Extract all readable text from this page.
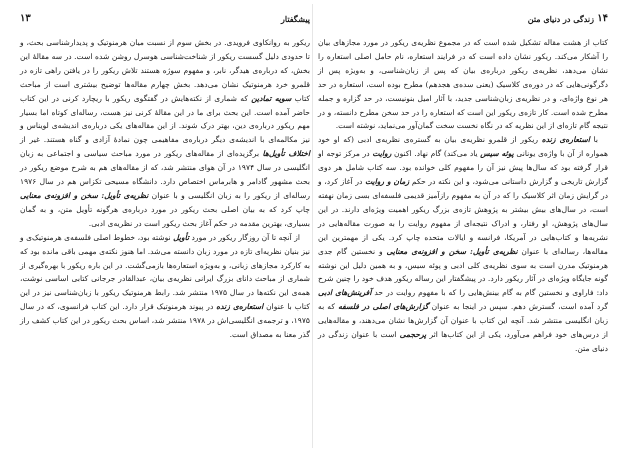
پیشگفتار
۱۳

ریکور به روانکاوی فرویدی. در بخش سوم از نسبت میان هرمنوتیک و پدیدارشناسی بحث، و تا حدودی دلیل گسست ریکور از شناخت‌شناسی هوسرل روشن شده است. در سه مقالهٔ این بخش، که درباره‌ی هیدگر، نابر، و مفهوم سوژه هستند تلاش ریکور را در یافتن راهی تازه در قلمرو خرد هرمنوتیک نشان می‌دهد. بخش چهارم مقاله‌ها توضیح بیشتری است از مباحث کتاب سویه تمادین که شماری از نکته‌هایش در گفتگوی ریکور با ریچارد کرنی در این کتاب حاضر آمده است. این بحث برای ما در این مقالهٔ کرنی نیز هست، رساله‌ای کوتاه اما بسیار مهم ریکور درباره‌ی دین، بهتر درک شوند. از این مقاله‌های یکی درباره‌ی اندیشه‌ی لویناس و نیز مکالمه‌ای با اندیشه‌ی دیگر درباره‌ی مفاهیمی چون نمادهٔ آزادی و گناه هستند. غیر از اختلاف تأویل‌ها برگزیده‌ای از مقاله‌های ریکور در مورد مباحث سیاسی و اجتماعی به زبان انگلیسی در سال ۱۹۷۴ در آن هوای منتشر شد، که از مقاله‌های هم به شرح موضع ریکور در بحث مشهور گادامر و هابرماس اختصاص دارد. دانشگاه مسیحی تکزاس هم در سال ۱۹۷۶ رساله‌ای از ریکور را به زبان انگلیسی و با عنوان نظریه‌ی تأویل: سخن و افزونه‌ی معنایی چاپ کرد که به بیان اصلی بحث ریکور در مورد درباره‌ی هرگونه تأویل متن، و به گمان بسیاری، بهترین مقدمه در حکم آغاز بحث ریکور است در نظریه‌ی ادبی.

از آنچه تا آن روزگار ریکور در مورد تأویل نوشته بود، خطوط اصلی فلسفه‌ی هرمنوتیک‌ی و نیز بنیان نظریه‌ای تازه در مورد زبان دانسته می‌شد. اما هنوز نکته‌ی مهمی باقی مانده بود که به کارکرد مجازهای زبانی، و به‌ویژه استعاره‌ها بازمی‌گشت. در این باره ریکور با بهره‌گیری از شماری از مباحث دانای بزرگ ایرانی نظریه‌ی بیان، عبدالقادر جرجانی کتابی اساسی نوشت، همه‌ی این نکته‌ها در سال ۱۹۷۵ منتشر شد. رابط هرمنوتیک ریکور با زبان‌شناسی نیز در این کتاب با عنوان استعاره‌ی زنده در پیوند هرمنوتیک قرار دارد. این کتاب فرانسوی، که در سال ۱۹۷۵، و ترجمه‌ی انگلیسی‌اش در ۱۹۷۸ منتشر شد، اساس بحث ریکور در این کتاب کشف راز گذر معنا به مصداق است.

۱۴
زندگی در دنیای متن

کتاب از هشت مقاله تشکیل شده است که در مجموع نظریه‌ی ریکور در مورد مجازهای بیان را آشکار می‌کند. ریکور نشان داده است که در فرایند استعاره، نام حامل اصلی استعاره را نشان می‌دهد، نظریه‌ی ریکور درباره‌ی بیان که پس از زبان‌شناسی، و به‌ویژه پس از دگرگونی‌هایی که در دوره‌ی کلاسیک (یعنی سده‌ی هجدهم) مطرح بوده است، استعاره در حد هر نوع واژه‌ای، و در نظریه‌ی زبان‌شناسی جدید، با آثار امیل بنونیست، در حد گزاره و جمله مطرح شده است. کار تازه‌ی ریکور این است که استعاره را در حد سخن مطرح دانسته، و در نتیجه گام تازه‌ای از این نظریه که در نگاه نخست سخت گمان‌آور می‌نماید، نوشته است.

با استعاره‌ی زنده ریکور از قلمرو نظریه‌ی بیان به گستره‌ی نظریه‌ی ادبی (که او خود همواره از آن با واژه‌ی یونانی پوئه سیس یاد می‌کند) گام نهاد. اکنون روایت در مرکز توجه او قرار گرفته بود که سال‌ها پیش نیز آن را مفهوم کلی خوانده بود. سه کتاب شامل هر دوی گزارش تاریخی و گزارش داستانی می‌شود، و این نکته در حکم زمان و روایت در آغاز کرد، و در گرایش زمان اثر کلاسیک را که در آن به مفهوم رازآمیز قدیمی فلسفه‌ای بسی زمان نهفته است، در سال‌های بیش بیشتر به پژوهش تازه‌ی بزرگ ریکور اهمیت ویژه‌ای دارند. در این سال‌های پژوهش، او رفتار، و ادراک نتیجه‌ای از مفهوم روایت را به صورت مقاله‌هایی در نشریه‌ها و کتاب‌هایی در آمریکا، فرانسه و ایالات متحده چاپ کرد. یکی از مهمترین این مقاله‌ها، رساله‌ای با عنوان نظریه‌ی تأویل: سخن و افزونه‌ی معنایی و نخستین گام جدی هرمنوتیک مدرن است به سوی نظریه‌ی کلی ادبی و پوئه سیس، و به همین دلیل این نوشته گونه جایگاه ویژه‌ای در آثار ریکور دارد. در پیشگفتار این رساله ریکور هدف خود را چنین شرح داد: فاراوی و نخستین گام به گام بینش‌هایی را که با مفهوم روایت در حد آفرینش‌های ادبی گرد آمده است، گسترش دهم. سپس در اینجا به عنوان گزارش‌های اصلی در فلسفه که به زبان انگلیسی منتشر شد. آنچه این کتاب با عنوان آن گزارش‌ها نشان می‌دهند، و مقاله‌هایی از درس‌های خود فراهم می‌آورد، یکی از این کتاب‌ها اثر پرحجمی است با عنوان زندگی در دنیای متن.
